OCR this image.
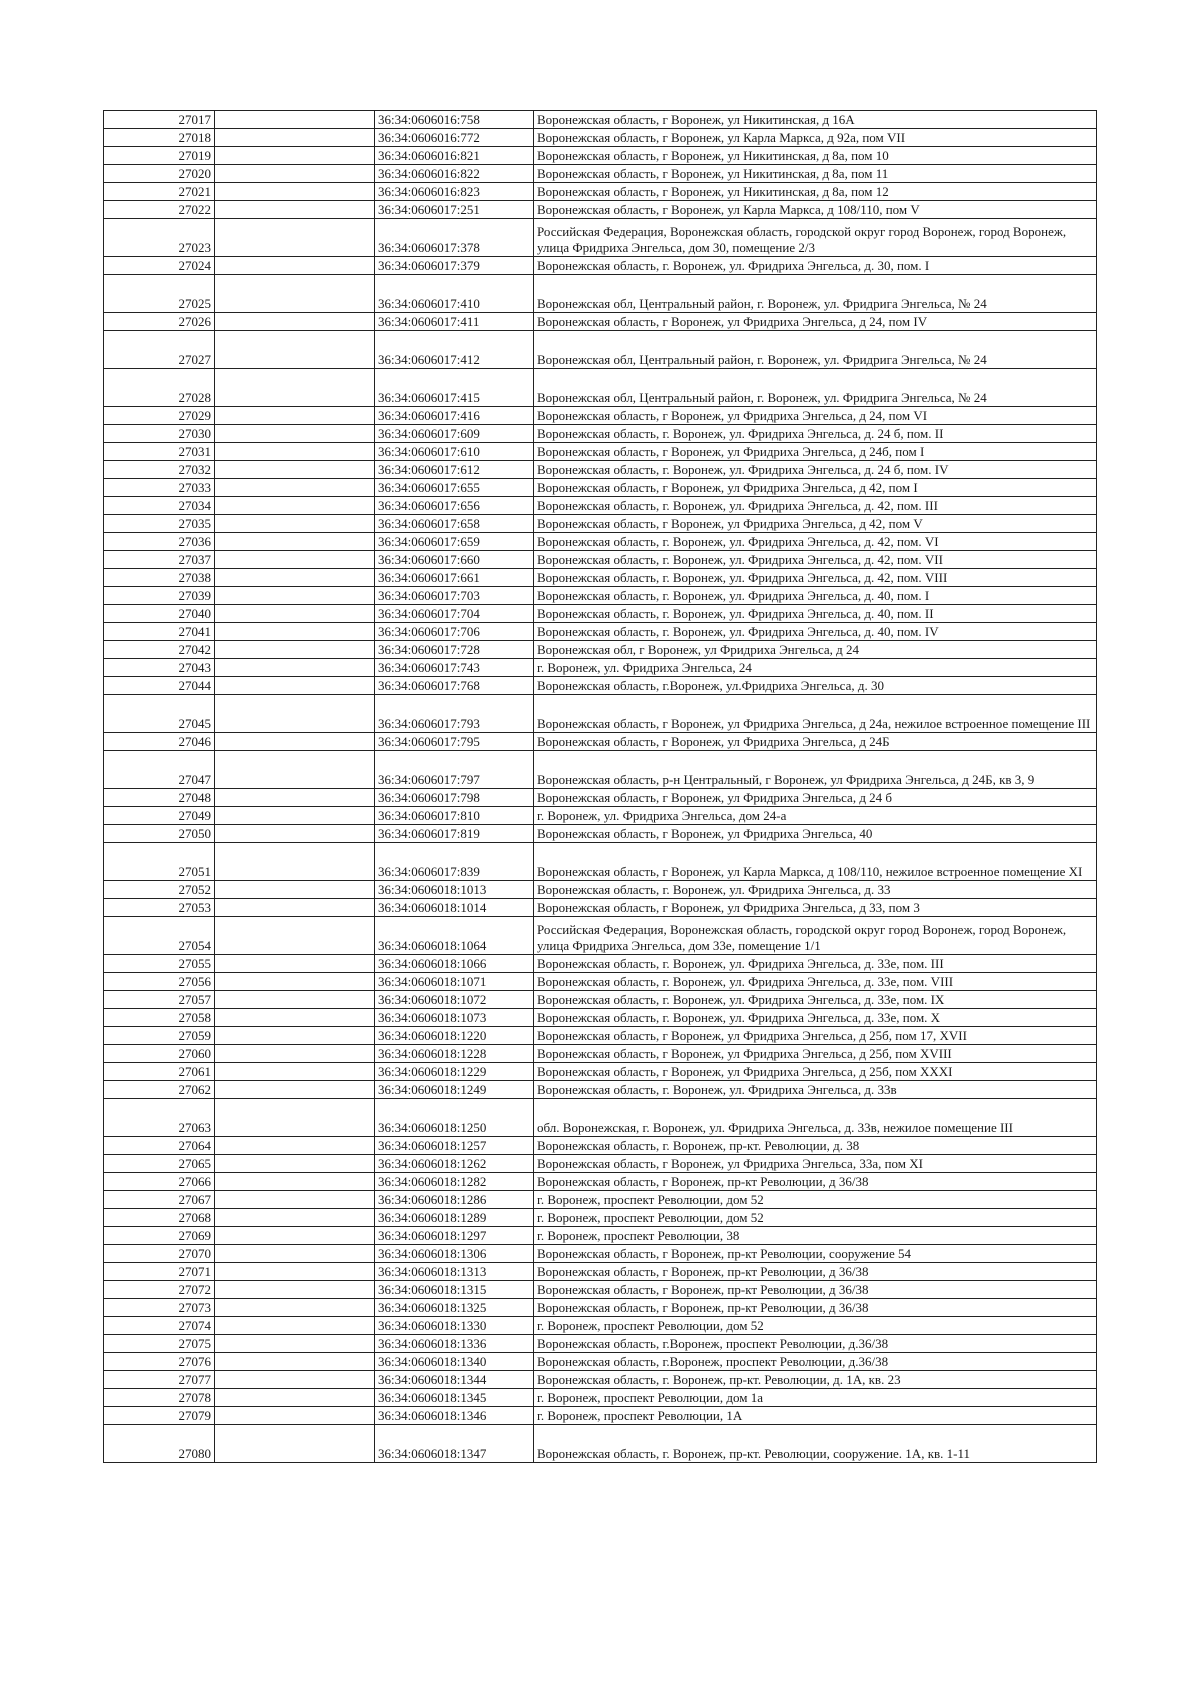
27017		36:34:0606016:758	Воронежская область, г Воронеж, ул Никитинская, д 16А
27018		36:34:0606016:772	Воронежская область, г Воронеж, ул Карла Маркса, д 92а, пом VII
27019		36:34:0606016:821	Воронежская область, г Воронеж, ул Никитинская, д 8а, пом 10
27020		36:34:0606016:822	Воронежская область, г Воронеж, ул Никитинская, д 8а, пом 11
27021		36:34:0606016:823	Воронежская область, г Воронеж, ул Никитинская, д 8а, пом 12
27022		36:34:0606017:251	Воронежская область, г Воронеж, ул Карла Маркса, д 108/110, пом V
27023		36:34:0606017:378	Российская Федерация, Воронежская область, городской округ город Воронеж, город Воронеж, улица Фридриха Энгельса, дом 30, помещение 2/3
27024		36:34:0606017:379	Воронежская область, г. Воронеж, ул. Фридриха Энгельса, д. 30, пом. I
27025		36:34:0606017:410	Воронежская обл, Центральный район, г. Воронеж, ул. Фридрига Энгельса, № 24
27026		36:34:0606017:411	Воронежская область, г Воронеж, ул Фридриха Энгельса, д 24, пом IV
27027		36:34:0606017:412	Воронежская обл, Центральный район, г. Воронеж, ул. Фридрига Энгельса, № 24
27028		36:34:0606017:415	Воронежская обл, Центральный район, г. Воронеж, ул. Фридрига Энгельса, № 24
27029		36:34:0606017:416	Воронежская область, г Воронеж, ул Фридриха Энгельса, д 24, пом VI
27030		36:34:0606017:609	Воронежская область, г. Воронеж, ул. Фридриха Энгельса, д. 24 б, пом. II
27031		36:34:0606017:610	Воронежская область, г Воронеж, ул Фридриха Энгельса, д 24б, пом I
27032		36:34:0606017:612	Воронежская область, г. Воронеж, ул. Фридриха Энгельса, д. 24 б, пом. IV
27033		36:34:0606017:655	Воронежская область, г Воронеж, ул Фридриха Энгельса, д 42, пом I
27034		36:34:0606017:656	Воронежская область, г. Воронеж, ул. Фридриха Энгельса, д. 42, пом. III
27035		36:34:0606017:658	Воронежская область, г Воронеж, ул Фридриха Энгельса, д 42, пом V
27036		36:34:0606017:659	Воронежская область, г. Воронеж, ул. Фридриха Энгельса, д. 42, пом. VI
27037		36:34:0606017:660	Воронежская область, г. Воронеж, ул. Фридриха Энгельса, д. 42, пом. VII
27038		36:34:0606017:661	Воронежская область, г. Воронеж, ул. Фридриха Энгельса, д. 42, пом. VIII
27039		36:34:0606017:703	Воронежская область, г. Воронеж, ул. Фридриха Энгельса, д. 40, пом. I
27040		36:34:0606017:704	Воронежская область, г. Воронеж, ул. Фридриха Энгельса, д. 40, пом. II
27041		36:34:0606017:706	Воронежская область, г. Воронеж, ул. Фридриха Энгельса, д. 40, пом. IV
27042		36:34:0606017:728	Воронежская обл, г Воронеж, ул Фридриха Энгельса, д 24
27043		36:34:0606017:743	г. Воронеж, ул. Фридриха Энгельса, 24
27044		36:34:0606017:768	Воронежская область, г.Воронеж, ул.Фридриха Энгельса, д. 30
27045		36:34:0606017:793	Воронежская область, г Воронеж, ул Фридриха Энгельса, д 24а, нежилое встроенное помещение III
27046		36:34:0606017:795	Воронежская область, г Воронеж, ул Фридриха Энгельса, д 24Б
27047		36:34:0606017:797	Воронежская область, р-н Центральный, г Воронеж, ул Фридриха Энгельса, д 24Б, кв 3, 9
27048		36:34:0606017:798	Воронежская область, г Воронеж, ул Фридриха Энгельса, д 24 б
27049		36:34:0606017:810	г. Воронеж, ул. Фридриха Энгельса, дом 24-а
27050		36:34:0606017:819	Воронежская область, г Воронеж, ул Фридриха Энгельса, 40
27051		36:34:0606017:839	Воронежская область, г Воронеж, ул Карла Маркса, д 108/110, нежилое встроенное помещение XI
27052		36:34:0606018:1013	Воронежская область, г. Воронеж, ул. Фридриха Энгельса, д. 33
27053		36:34:0606018:1014	Воронежская область, г Воронеж, ул Фридриха Энгельса, д 33, пом 3
27054		36:34:0606018:1064	Российская Федерация, Воронежская область, городской округ город Воронеж, город Воронеж, улица Фридриха Энгельса, дом 33е, помещение 1/1
27055		36:34:0606018:1066	Воронежская область, г. Воронеж, ул. Фридриха Энгельса, д. 33е, пом. III
27056		36:34:0606018:1071	Воронежская область, г. Воронеж, ул. Фридриха Энгельса, д. 33е, пом. VIII
27057		36:34:0606018:1072	Воронежская область, г. Воронеж, ул. Фридриха Энгельса, д. 33е, пом. IX
27058		36:34:0606018:1073	Воронежская область, г. Воронеж, ул. Фридриха Энгельса, д. 33е, пом. X
27059		36:34:0606018:1220	Воронежская область, г Воронеж, ул Фридриха Энгельса, д 25б, пом 17, XVII
27060		36:34:0606018:1228	Воронежская область, г Воронеж, ул Фридриха Энгельса, д 25б, пом XVIII
27061		36:34:0606018:1229	Воронежская область, г Воронеж, ул Фридриха Энгельса, д 25б, пом XXXI
27062		36:34:0606018:1249	Воронежская область, г. Воронеж, ул. Фридриха Энгельса, д. 33в
27063		36:34:0606018:1250	обл. Воронежская, г. Воронеж, ул. Фридриха Энгельса, д. 33в, нежилое помещение III
27064		36:34:0606018:1257	Воронежская область, г. Воронеж, пр-кт. Революции, д. 38
27065		36:34:0606018:1262	Воронежская область, г Воронеж, ул Фридриха Энгельса, 33а, пом XI
27066		36:34:0606018:1282	Воронежская область, г Воронеж, пр-кт Революции, д 36/38
27067		36:34:0606018:1286	г. Воронеж, проспект Революции, дом 52
27068		36:34:0606018:1289	г. Воронеж, проспект Революции, дом 52
27069		36:34:0606018:1297	г. Воронеж, проспект Революции, 38
27070		36:34:0606018:1306	Воронежская область, г Воронеж, пр-кт Революции, сооружение 54
27071		36:34:0606018:1313	Воронежская область, г Воронеж, пр-кт Революции, д 36/38
27072		36:34:0606018:1315	Воронежская область, г Воронеж, пр-кт Революции, д 36/38
27073		36:34:0606018:1325	Воронежская область, г Воронеж, пр-кт Революции, д 36/38
27074		36:34:0606018:1330	г. Воронеж, проспект Революции, дом 52
27075		36:34:0606018:1336	Воронежская область, г.Воронеж, проспект Революции, д.36/38
27076		36:34:0606018:1340	Воронежская область, г.Воронеж, проспект Революции, д.36/38
27077		36:34:0606018:1344	Воронежская область, г. Воронеж, пр-кт. Революции, д. 1А, кв. 23
27078		36:34:0606018:1345	г. Воронеж, проспект Революции, дом 1а
27079		36:34:0606018:1346	г. Воронеж, проспект Революции, 1А
27080		36:34:0606018:1347	Воронежская область, г. Воронеж, пр-кт. Революции, сооружение. 1А, кв. 1-11
